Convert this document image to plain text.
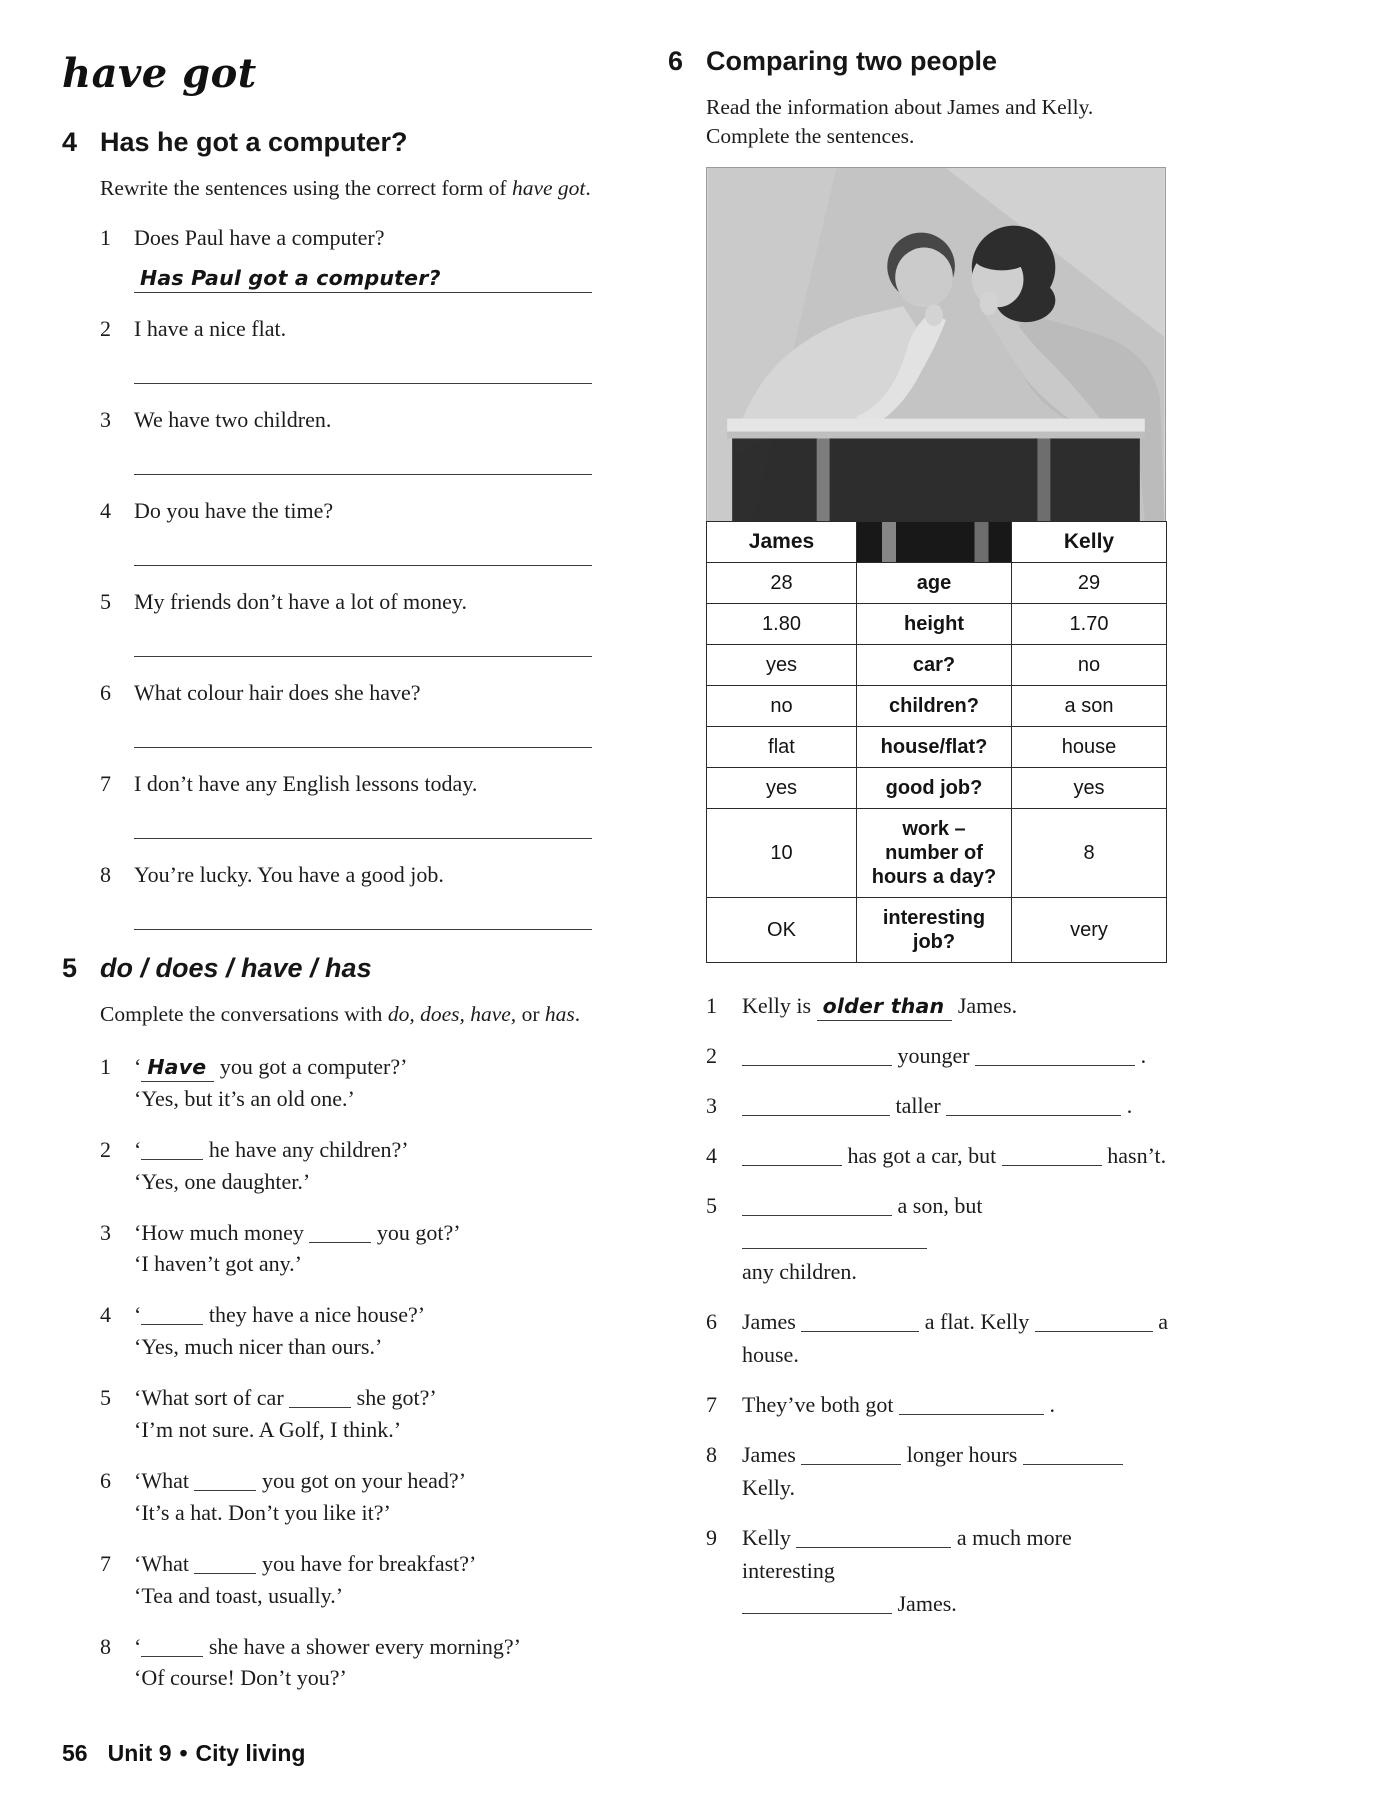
have got
4 Has he got a computer?

Rewrite the sentences using the correct form of have got.

1	Does Paul have a computer?
Has Paul got a computer?
2	I have a nice flat.
3	We have two children.
4	Do you have the time?
5	My friends don’t have a lot of money.
6	What colour hair does she have?
7	I don’t have any English lessons today.
8	You’re lucky. You have a good job.
5 do / does / have / has

Complete the conversations with do, does, have, or has.

1	‘ Have you got a computer?’
‘Yes, but it’s an old one.’
2	‘	he have any children?’
‘Yes, one daughter.’
3	‘How much money	you got?’
‘I haven’t got any.’
4	‘	they have a nice house?’
‘Yes, much nicer than ours.’
5	‘What sort of car	she got?’
‘I’m not sure. A Golf, I think.’
6	‘What	you got on your head?’
‘It’s a hat. Don’t you like it?’
7	‘What	you have for breakfast?’
‘Tea and toast, usually.’
8	‘	she have a shower every morning?’
‘Of course! Don’t you?’
6 Comparing two people

Read the information about James and Kelly. Complete the sentences.

James		Kelly
28	age	29
1.80	height	1.70
yes	car?	no
no	children?	a son
flat	house/flat?	house
yes	good job?	yes
10	work – number of hours a day?	8
OK	interesting job?	very
1	Kelly is older than James.
2	younger	.
3	taller	.
4	has got a car, but	hasn’t.
5	a son, but
any children.
6	James	a flat. Kelly	a
house.
7	They’ve both got	.
8	James	longer hours  Kelly.
9	Kelly	a much more interesting
James.
56 Unit 9 • City living
